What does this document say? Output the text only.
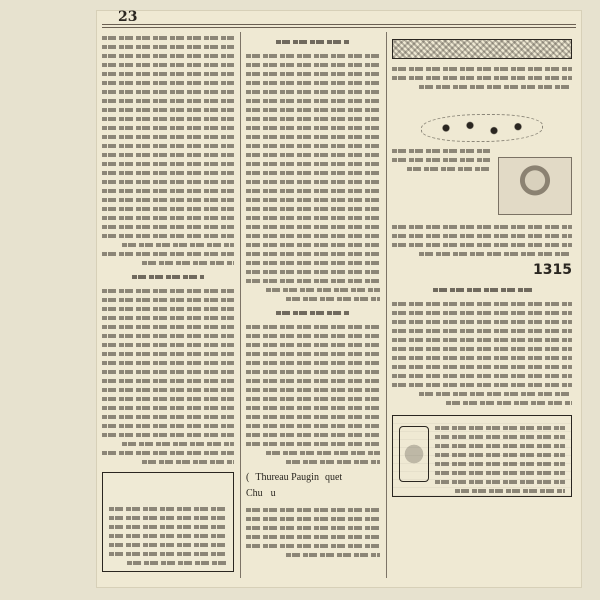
23
( Thureau Paugin quet
Chu u
1315
